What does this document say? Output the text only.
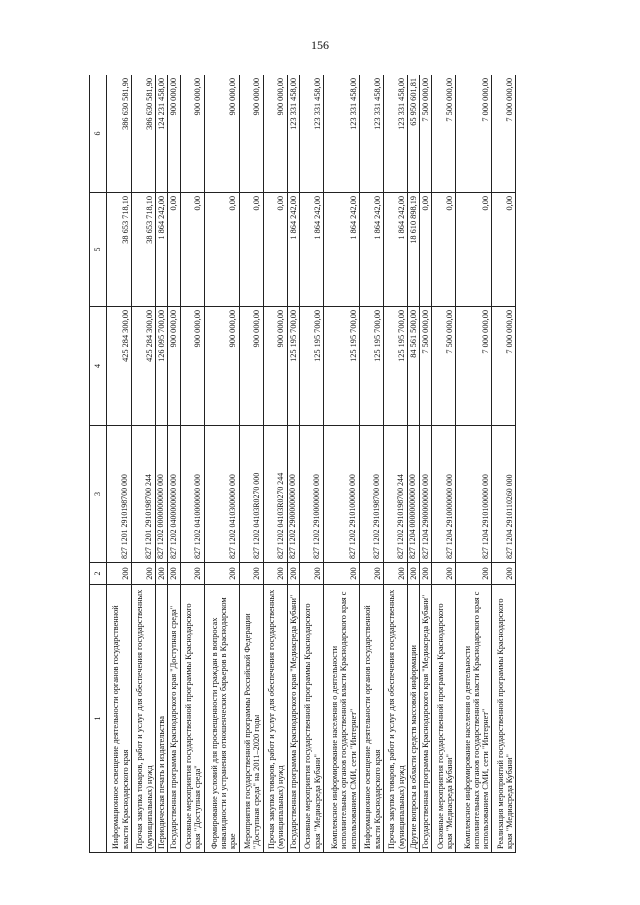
156
1	2	3	4	5	6
Информационное освещение деятельности органов государственной власти Краснодарского края	200	827 1201 2910198700 000	425 284 300,00	38 653 718,10	386 630 581,90
Прочая закупка товаров, работ и услуг для обеспечения государственных (муниципальных) нужд	200	827 1201 2910198700 244	425 284 300,00	38 653 718,10	386 630 581,90
Периодическая печать и издательства	200	827 1202 0000000000 000	126 095 700,00	1 864 242,00	124 231 458,00
Государственная программа Краснодарского края "Доступная среда"	200	827 1202 0400000000 000	900 000,00	0,00	900 000,00
Основные мероприятия государственной программы Краснодарского края "Доступная среда"	200	827 1202 0410000000 000	900 000,00	0,00	900 000,00
Формирование условий для просвещенности граждан в вопросах инвалидности и устранения отношенческих барьеров в Краснодарском крае	200	827 1202 0410300000 000	900 000,00	0,00	900 000,00
Мероприятия государственной программы Российской Федерации "Доступная среда" на 2011–2020 годы	200	827 1202 04103R0270 000	900 000,00	0,00	900 000,00
Прочая закупка товаров, работ и услуг для обеспечения государственных (муниципальных) нужд	200	827 1202 04103R0270 244	900 000,00	0,00	900 000,00
Государственная программа Краснодарского края "Медиасреда Кубани"	200	827 1202 2900000000 000	125 195 700,00	1 864 242,00	123 331 458,00
Основные мероприятия государственной программы Краснодарского края "Медиасреда Кубани"	200	827 1202 2910000000 000	125 195 700,00	1 864 242,00	123 331 458,00
Комплексное информирование населения о деятельности исполнительных органов государственной власти Краснодарского края с использованием СМИ, сети "Интернет"	200	827 1202 2910100000 000	125 195 700,00	1 864 242,00	123 331 458,00
Информационное освещение деятельности органов государственной власти Краснодарского края	200	827 1202 2910198700 000	125 195 700,00	1 864 242,00	123 331 458,00
Прочая закупка товаров, работ и услуг для обеспечения государственных (муниципальных) нужд	200	827 1202 2910198700 244	125 195 700,00	1 864 242,00	123 331 458,00
Другие вопросы в области средств массовой информации	200	827 1204 0000000000 000	84 561 500,00	18 610 898,19	65 950 601,81
Государственная программа Краснодарского края "Медиасреда Кубани"	200	827 1204 2900000000 000	7 500 000,00	0,00	7 500 000,00
Основные мероприятия государственной программы Краснодарского края "Медиасреда Кубани"	200	827 1204 2910000000 000	7 500 000,00	0,00	7 500 000,00
Комплексное информирование населения о деятельности исполнительных органов государственной власти Краснодарского края с использованием СМИ, сети "Интернет"	200	827 1204 2910100000 000	7 000 000,00	0,00	7 000 000,00
Реализация мероприятий государственной программы Краснодарского края "Медиасреда Кубани"	200	827 1204 2910110260 000	7 000 000,00	0,00	7 000 000,00
